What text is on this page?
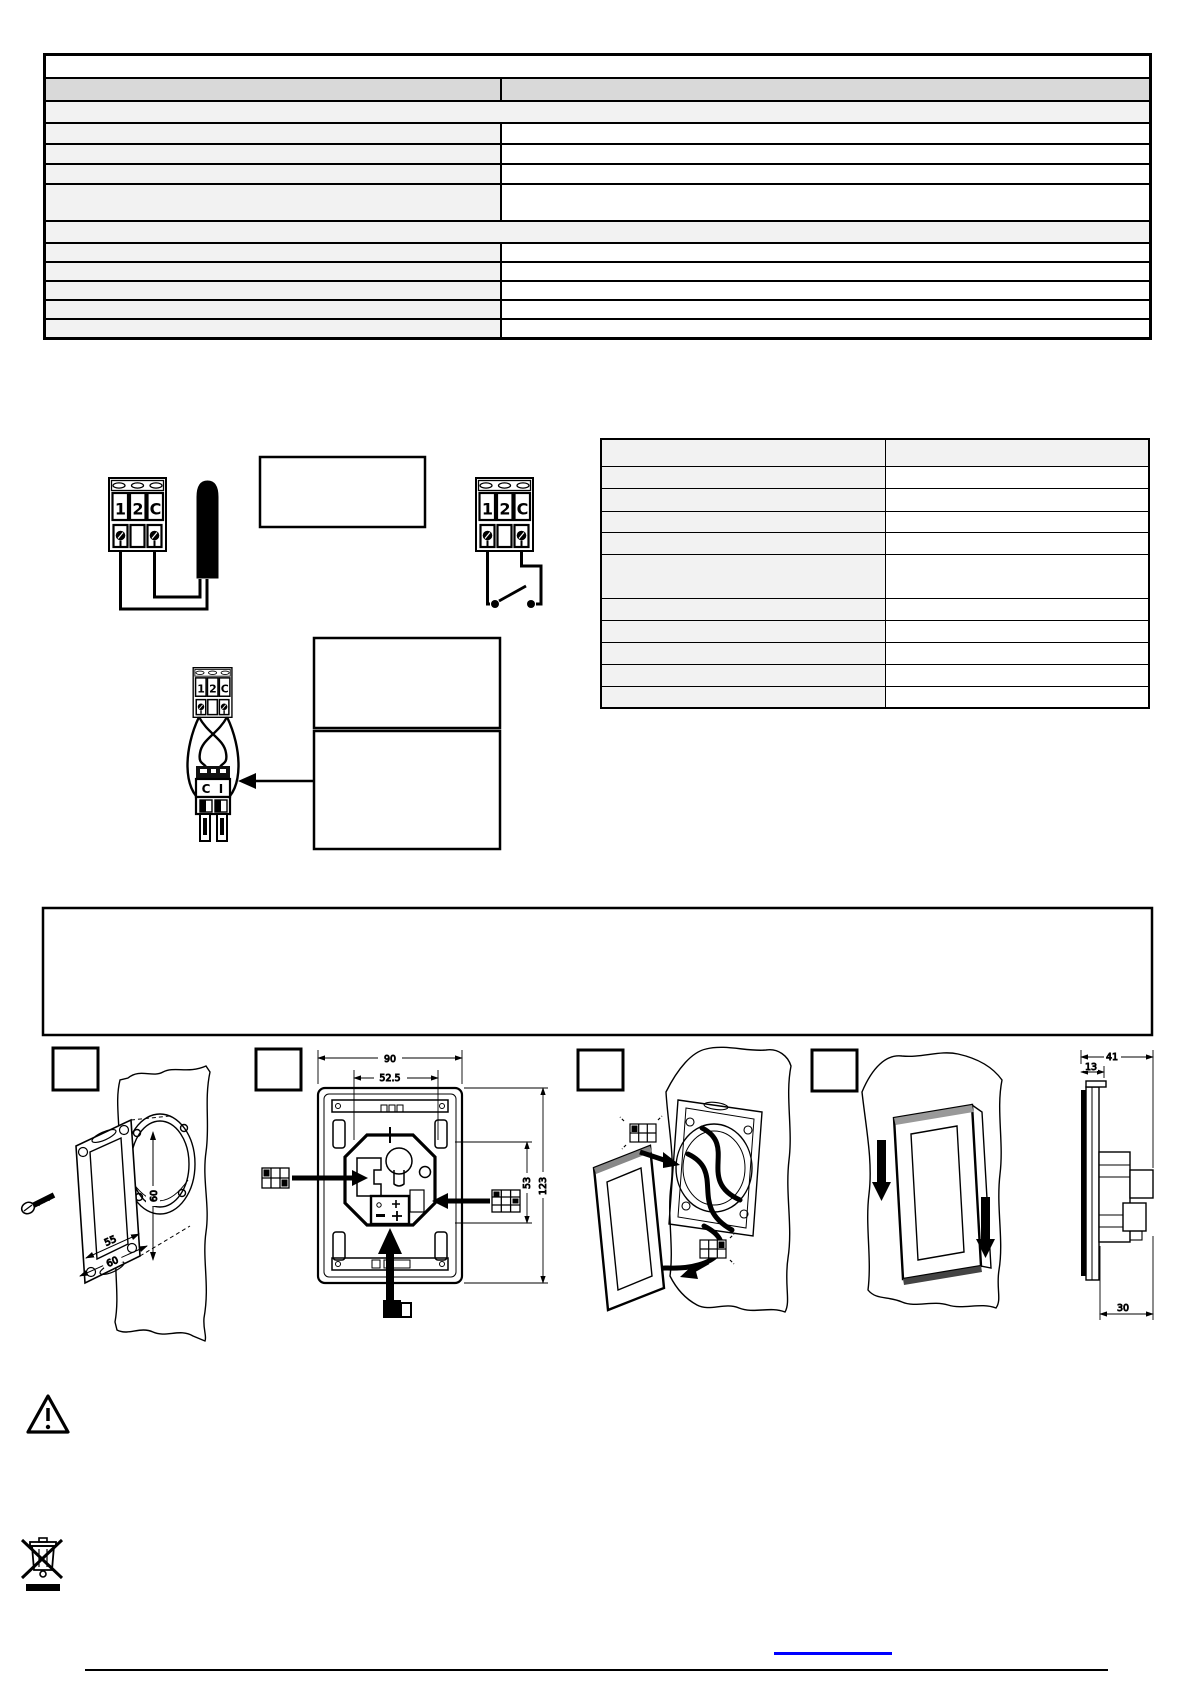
1 2 C
C I
55
60
60
90
52.5
123
53
41
13
30
